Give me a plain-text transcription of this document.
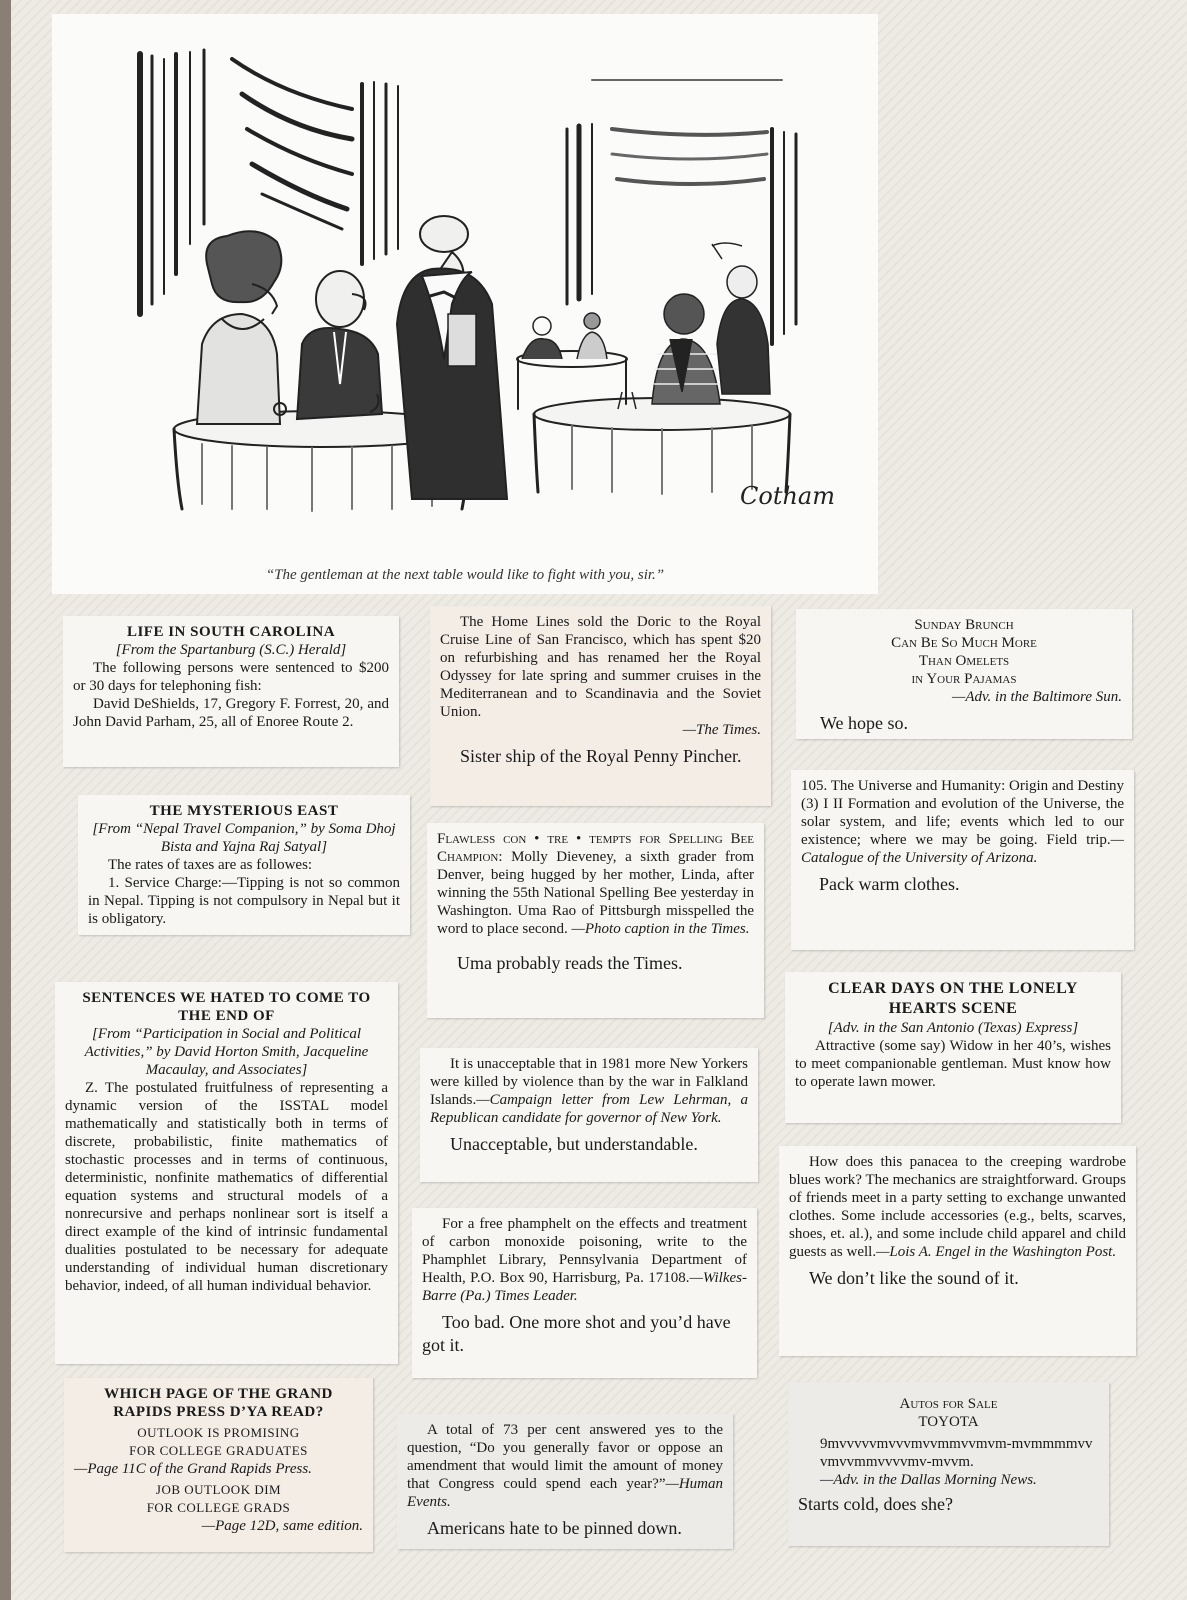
Cotham
“The gentleman at the next table would like to fight with you, sir.”

LIFE IN SOUTH CAROLINA

[From the Spartanburg (S.C.) Herald]

The following persons were sentenced to $200 or 30 days for telephoning fish:

David DeShields, 17, Gregory F. Forrest, 20, and John David Parham, 25, all of Enoree Route 2.

THE MYSTERIOUS EAST

[From “Nepal Travel Companion,” by Soma Dhoj Bista and Yajna Raj Satyal]

The rates of taxes are as followes:

1. Service Charge:—Tipping is not so common in Nepal. Tipping is not compulsory in Nepal but it is obligatory.

SENTENCES WE HATED TO COME TO THE END OF

[From “Participation in Social and Political Activities,” by David Horton Smith, Jacqueline Macaulay, and Associates]

Z. The postulated fruitfulness of representing a dynamic version of the ISSTAL model mathematically and statistically both in terms of discrete, probabilistic, finite mathematics of stochastic processes and in terms of continuous, deterministic, nonfinite mathematics of differential equation systems and structural models of a nonrecursive and perhaps nonlinear sort is itself a direct example of the kind of intrinsic fundamental dualities postulated to be necessary for adequate understanding of individual human discretionary behavior, indeed, of all human individual behavior.

WHICH PAGE OF THE GRAND RAPIDS PRESS D’YA READ?

OUTLOOK IS PROMISING

FOR COLLEGE GRADUATES

—Page 11C of the Grand Rapids Press.

JOB OUTLOOK DIM

FOR COLLEGE GRADS

—Page 12D, same edition.

The Home Lines sold the Doric to the Royal Cruise Line of San Francisco, which has spent $20 on refurbishing and has renamed her the Royal Odyssey for late spring and summer cruises in the Mediterranean and to Scandinavia and the Soviet Union.

—The Times.

Sister ship of the Royal Penny Pincher.

Flawless con • tre • tempts for Spelling Bee Champion: Molly Dieveney, a sixth grader from Denver, being hugged by her mother, Linda, after winning the 55th National Spelling Bee yesterday in Washington. Uma Rao of Pittsburgh misspelled the word to place second. —Photo caption in the Times.

Uma probably reads the Times.

It is unacceptable that in 1981 more New Yorkers were killed by violence than by the war in Falkland Islands.—Campaign letter from Lew Lehrman, a Republican candidate for governor of New York.

Unacceptable, but understandable.

For a free phamphelt on the effects and treatment of carbon monoxide poisoning, write to the Phamphlet Library, Pennsylvania Department of Health, P.O. Box 90, Harrisburg, Pa. 17108.—Wilkes-Barre (Pa.) Times Leader.

Too bad. One more shot and you’d have got it.

A total of 73 per cent answered yes to the question, “Do you generally favor or oppose an amendment that would limit the amount of money that Congress could spend each year?”—Human Events.

Americans hate to be pinned down.

Sunday Brunch

Can Be So Much More

Than Omelets

in Your Pajamas

—Adv. in the Baltimore Sun.

We hope so.

105. The Universe and Humanity: Origin and Destiny (3) I II Formation and evolution of the Universe, the solar system, and life; events which led to our existence; where we may be going. Field trip.—Catalogue of the University of Arizona.

Pack warm clothes.

CLEAR DAYS ON THE LONELY HEARTS SCENE

[Adv. in the San Antonio (Texas) Express]

Attractive (some say) Widow in her 40’s, wishes to meet companionable gentleman. Must know how to operate lawn mower.

How does this panacea to the creeping wardrobe blues work? The mechanics are straightforward. Groups of friends meet in a party setting to exchange unwanted clothes. Some include accessories (e.g., belts, scarves, shoes, et. al.), and some include child apparel and child guests as well.—Lois A. Engel in the Washington Post.

We don’t like the sound of it.

Autos for Sale

TOYOTA

9mvvvvvmvvvmvvmmvvmvm-mvmmmmvvvmvvmmvvvvmv-mvvm.

—Adv. in the Dallas Morning News.

Starts cold, does she?
